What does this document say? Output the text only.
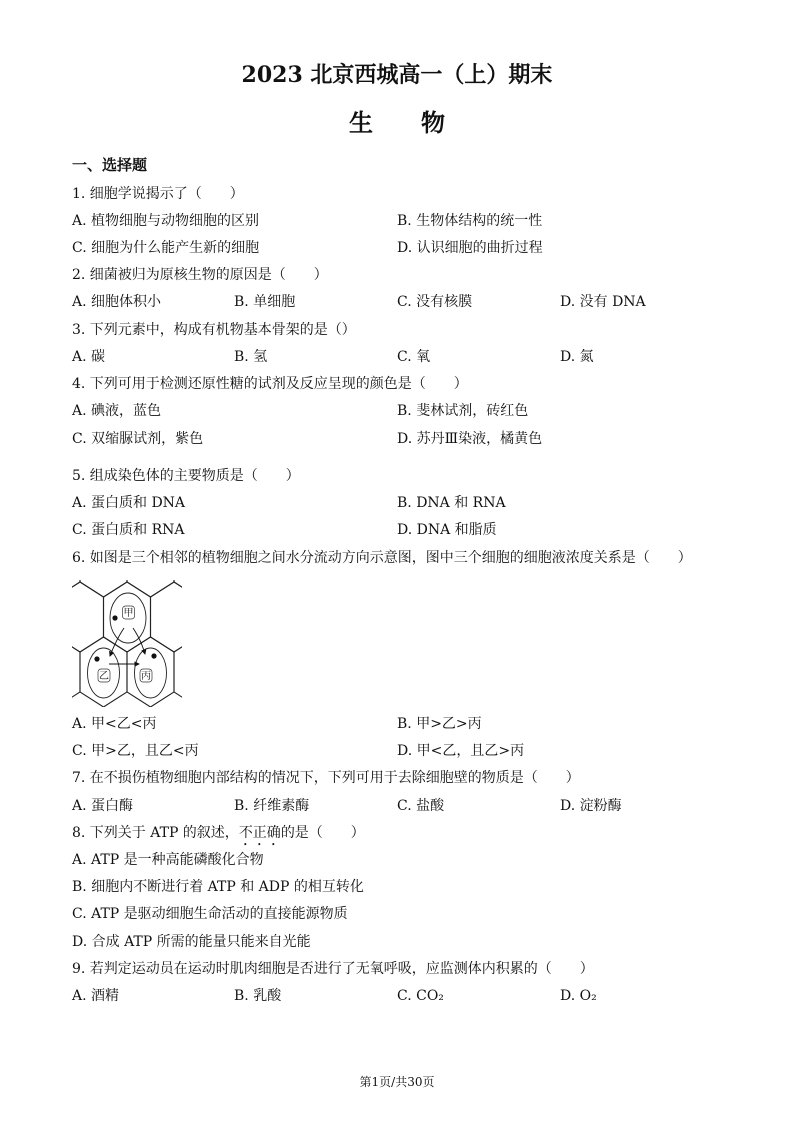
2023 北京西城高一（上）期末
生　　物
一、选择题
1. 细胞学说揭示了（　　）
A. 植物细胞与动物细胞的区别	B. 生物体结构的统一性
C. 细胞为什么能产生新的细胞	D. 认识细胞的曲折过程
2. 细菌被归为原核生物的原因是（　　）
A. 细胞体积小	B. 单细胞	C. 没有核膜	D. 没有 DNA
3. 下列元素中，构成有机物基本骨架的是（）
A. 碳	B. 氢	C. 氧	D. 氮
4. 下列可用于检测还原性糖的试剂及反应呈现的颜色是（　　）
A. 碘液，蓝色	B. 斐林试剂，砖红色
C. 双缩脲试剂，紫色	D. 苏丹Ⅲ染液，橘黄色
5. 组成染色体的主要物质是（　　）
A. 蛋白质和 DNA	B. DNA 和 RNA
C. 蛋白质和 RNA	D. DNA 和脂质
6. 如图是三个相邻的植物细胞之间水分流动方向示意图，图中三个细胞的细胞液浓度关系是（　　）
甲
乙	丙
A. 甲<乙<丙	B. 甲>乙>丙
C. 甲>乙，且乙<丙	D. 甲<乙，且乙>丙
7. 在不损伤植物细胞内部结构的情况下，下列可用于去除细胞壁的物质是（　　）
A. 蛋白酶	B. 纤维素酶	C. 盐酸	D. 淀粉酶
8. 下列关于 ATP 的叙述，不正确的是（　　）
A. ATP 是一种高能磷酸化合物
B. 细胞内不断进行着 ATP 和 ADP 的相互转化
C. ATP 是驱动细胞生命活动的直接能源物质
D. 合成 ATP 所需的能量只能来自光能
9. 若判定运动员在运动时肌肉细胞是否进行了无氧呼吸，应监测体内积累的（　　）
A. 酒精	B. 乳酸	C. CO₂	D. O₂
第1页/共30页
